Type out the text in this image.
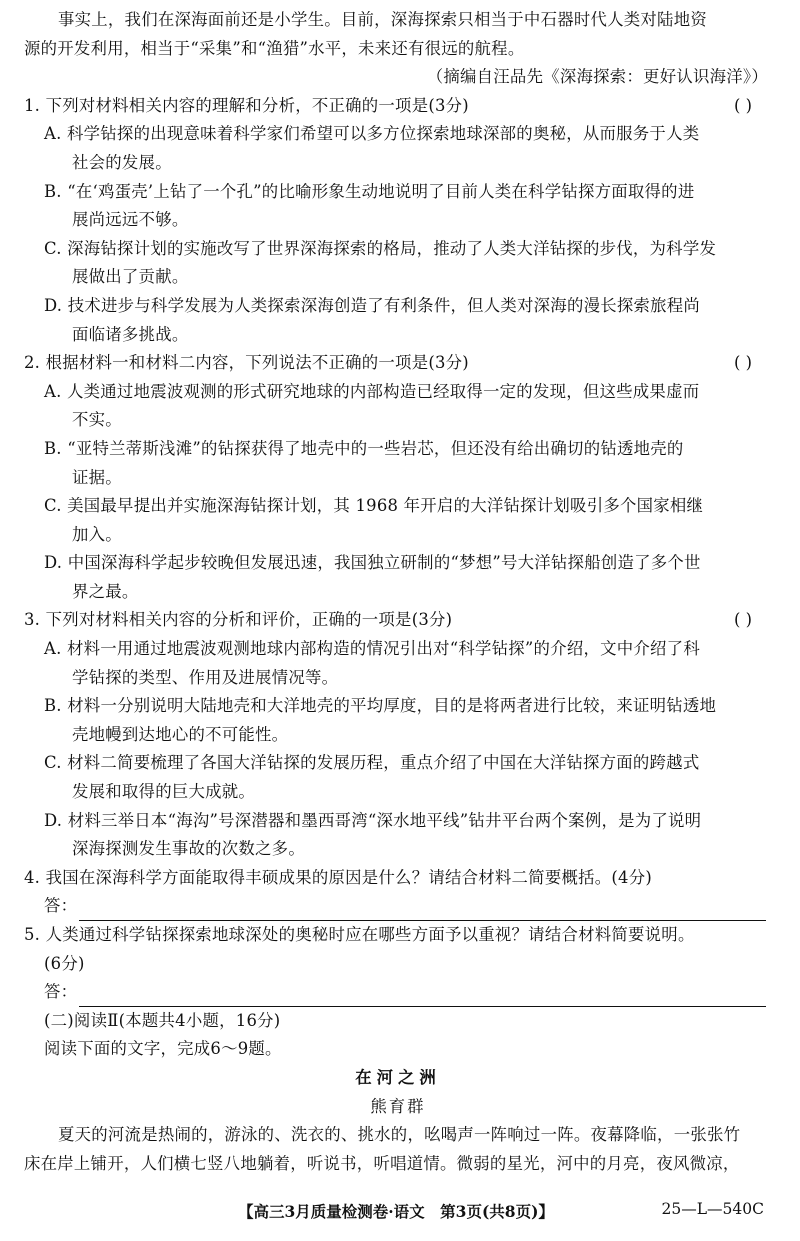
事实上，我们在深海面前还是小学生。目前，深海探索只相当于中石器时代人类对陆地资
源的开发利用，相当于“采集”和“渔猎”水平，未来还有很远的航程。
（摘编自汪品先《深海探索：更好认识海洋》）
1. 下列对材料相关内容的理解和分析，不正确的一项是(3分)	( )
A. 科学钻探的出现意味着科学家们希望可以多方位探索地球深部的奥秘，从而服务于人类
社会的发展。
B. “在‘鸡蛋壳’上钻了一个孔”的比喻形象生动地说明了目前人类在科学钻探方面取得的进
展尚远远不够。
C. 深海钻探计划的实施改写了世界深海探索的格局，推动了人类大洋钻探的步伐，为科学发
展做出了贡献。
D. 技术进步与科学发展为人类探索深海创造了有利条件，但人类对深海的漫长探索旅程尚
面临诸多挑战。
2. 根据材料一和材料二内容，下列说法不正确的一项是(3分)	( )
A. 人类通过地震波观测的形式研究地球的内部构造已经取得一定的发现，但这些成果虚而
不实。
B. “亚特兰蒂斯浅滩”的钻探获得了地壳中的一些岩芯，但还没有给出确切的钻透地壳的
证据。
C. 美国最早提出并实施深海钻探计划，其 1968 年开启的大洋钻探计划吸引多个国家相继
加入。
D. 中国深海科学起步较晚但发展迅速，我国独立研制的“梦想”号大洋钻探船创造了多个世
界之最。
3. 下列对材料相关内容的分析和评价，正确的一项是(3分)	( )
A. 材料一用通过地震波观测地球内部构造的情况引出对“科学钻探”的介绍，文中介绍了科
学钻探的类型、作用及进展情况等。
B. 材料一分别说明大陆地壳和大洋地壳的平均厚度，目的是将两者进行比较，来证明钻透地
壳地幔到达地心的不可能性。
C. 材料二简要梳理了各国大洋钻探的发展历程，重点介绍了中国在大洋钻探方面的跨越式
发展和取得的巨大成就。
D. 材料三举日本“海沟”号深潜器和墨西哥湾“深水地平线”钻井平台两个案例，是为了说明
深海探测发生事故的次数之多。
4. 我国在深海科学方面能取得丰硕成果的原因是什么？请结合材料二简要概括。(4分)
答：
5. 人类通过科学钻探探索地球深处的奥秘时应在哪些方面予以重视？请结合材料简要说明。
(6分)
答：
(二)阅读Ⅱ(本题共4小题，16分)
阅读下面的文字，完成6～9题。
在河之洲
熊育群
夏天的河流是热闹的，游泳的、洗衣的、挑水的，吆喝声一阵响过一阵。夜幕降临，一张张竹
床在岸上铺开，人们横七竖八地躺着，听说书，听唱道情。微弱的星光，河中的月亮，夜风微凉，
【高三3月质量检测卷·语文　第3页(共8页)】	25—L—540C
